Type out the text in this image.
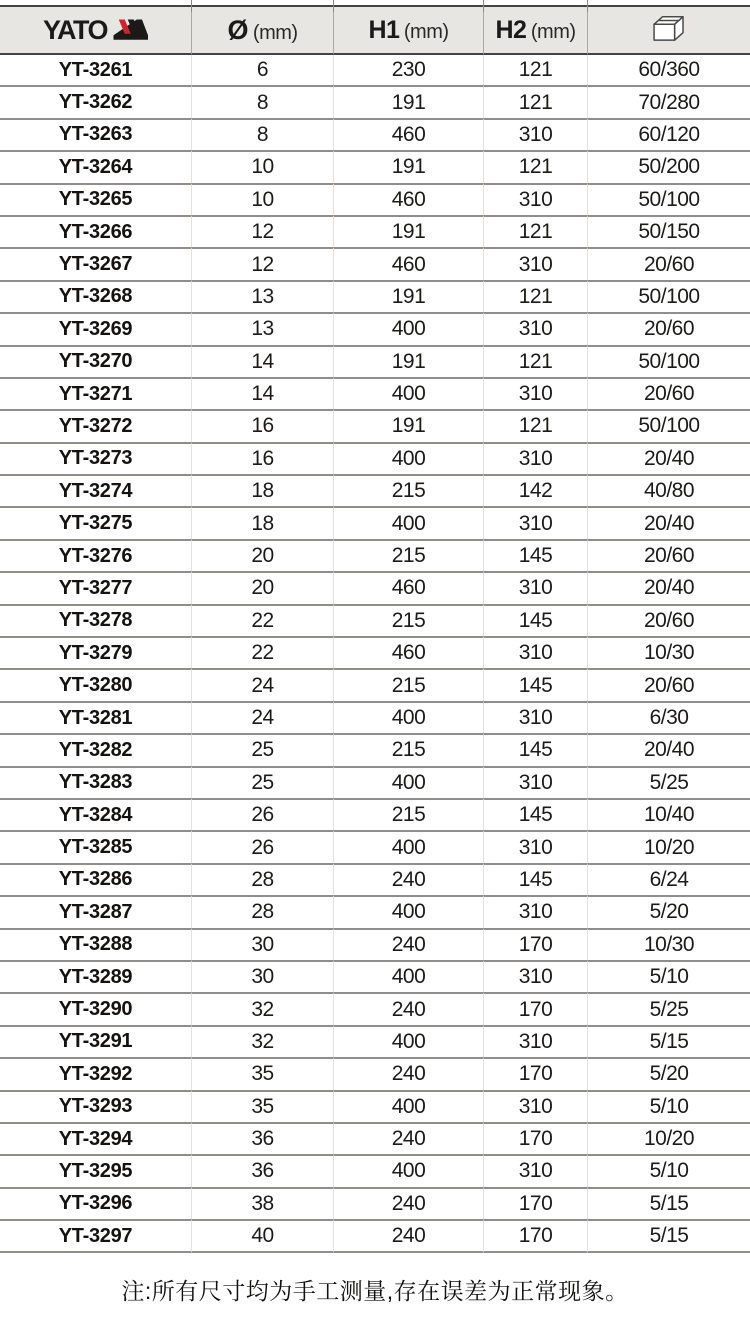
YATO	Ø (mm)	H1 (mm)	H2 (mm)	
YT-3261	6	230	121	60/360
YT-3262	8	191	121	70/280
YT-3263	8	460	310	60/120
YT-3264	10	191	121	50/200
YT-3265	10	460	310	50/100
YT-3266	12	191	121	50/150
YT-3267	12	460	310	20/60
YT-3268	13	191	121	50/100
YT-3269	13	400	310	20/60
YT-3270	14	191	121	50/100
YT-3271	14	400	310	20/60
YT-3272	16	191	121	50/100
YT-3273	16	400	310	20/40
YT-3274	18	215	142	40/80
YT-3275	18	400	310	20/40
YT-3276	20	215	145	20/60
YT-3277	20	460	310	20/40
YT-3278	22	215	145	20/60
YT-3279	22	460	310	10/30
YT-3280	24	215	145	20/60
YT-3281	24	400	310	6/30
YT-3282	25	215	145	20/40
YT-3283	25	400	310	5/25
YT-3284	26	215	145	10/40
YT-3285	26	400	310	10/20
YT-3286	28	240	145	6/24
YT-3287	28	400	310	5/20
YT-3288	30	240	170	10/30
YT-3289	30	400	310	5/10
YT-3290	32	240	170	5/25
YT-3291	32	400	310	5/15
YT-3292	35	240	170	5/20
YT-3293	35	400	310	5/10
YT-3294	36	240	170	10/20
YT-3295	36	400	310	5/10
YT-3296	38	240	170	5/15
YT-3297	40	240	170	5/15
注:所有尺寸均为手工测量,存在误差为正常现象。
